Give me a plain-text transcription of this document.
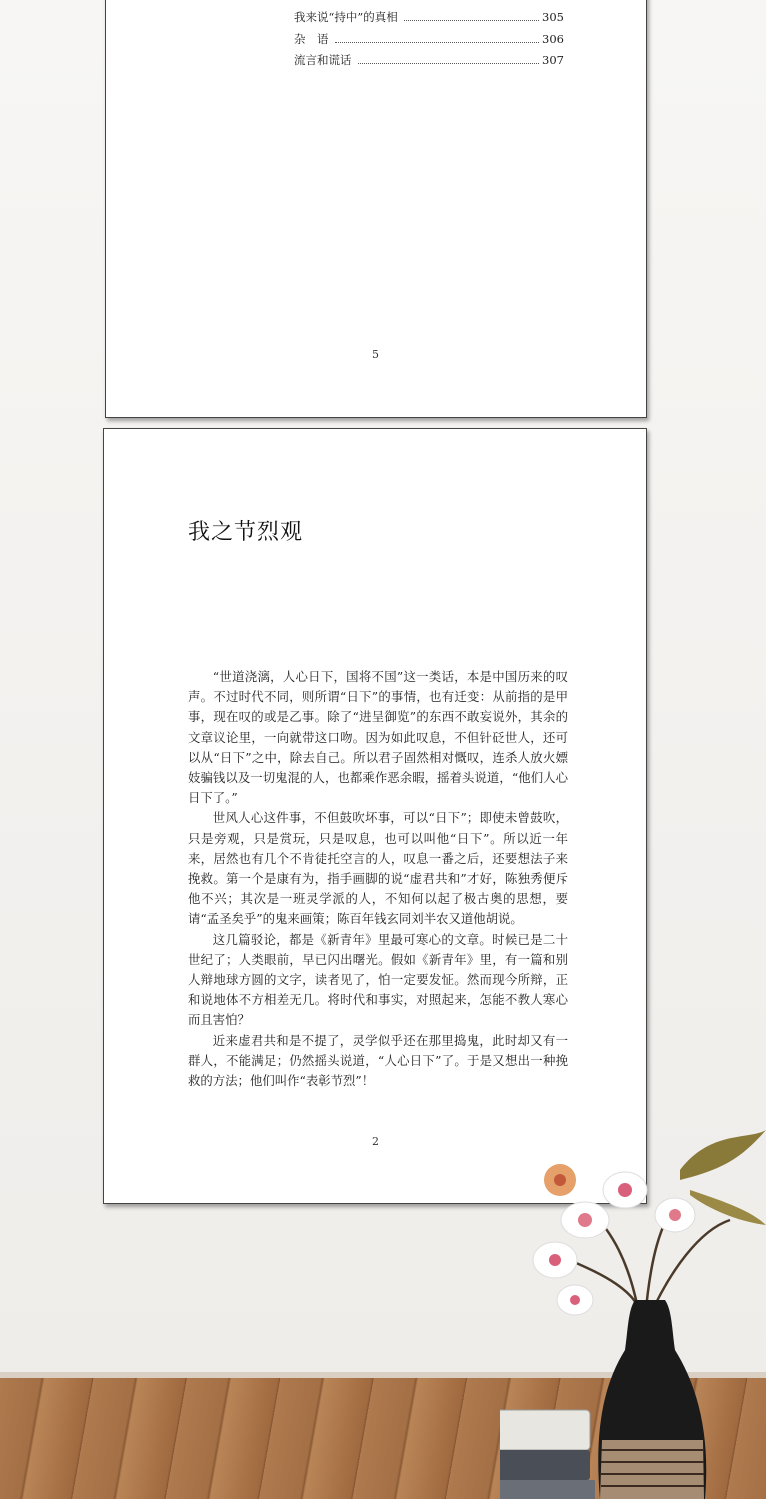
我来说“持中”的真相	305
杂　语	306
流言和谎话	307
5
我之节烈观

“世道浇漓，人心日下，国将不国”这一类话，本是中国历来的叹声。不过时代不同，则所谓“日下”的事情，也有迁变：从前指的是甲事，现在叹的或是乙事。除了“进呈御览”的东西不敢妄说外，其余的文章议论里，一向就带这口吻。因为如此叹息，不但针砭世人，还可以从“日下”之中，除去自己。所以君子固然相对慨叹，连杀人放火嫖妓骗钱以及一切鬼混的人，也都乘作恶余暇，摇着头说道，“他们人心日下了。”

世风人心这件事，不但鼓吹坏事，可以“日下”；即使未曾鼓吹，只是旁观，只是赏玩，只是叹息，也可以叫他“日下”。所以近一年来，居然也有几个不肯徒托空言的人，叹息一番之后，还要想法子来挽救。第一个是康有为，指手画脚的说“虚君共和”才好，陈独秀便斥他不兴；其次是一班灵学派的人，不知何以起了极古奥的思想，要请“孟圣矣乎”的鬼来画策；陈百年钱玄同刘半农又道他胡说。

这几篇驳论，都是《新青年》里最可寒心的文章。时候已是二十世纪了；人类眼前，早已闪出曙光。假如《新青年》里，有一篇和别人辩地球方圆的文字，读者见了，怕一定要发怔。然而现今所辩，正和说地体不方相差无几。将时代和事实，对照起来，怎能不教人寒心而且害怕？

近来虚君共和是不提了，灵学似乎还在那里捣鬼，此时却又有一群人，不能满足；仍然摇头说道，“人心日下”了。于是又想出一种挽救的方法；他们叫作“表彰节烈”！

2
